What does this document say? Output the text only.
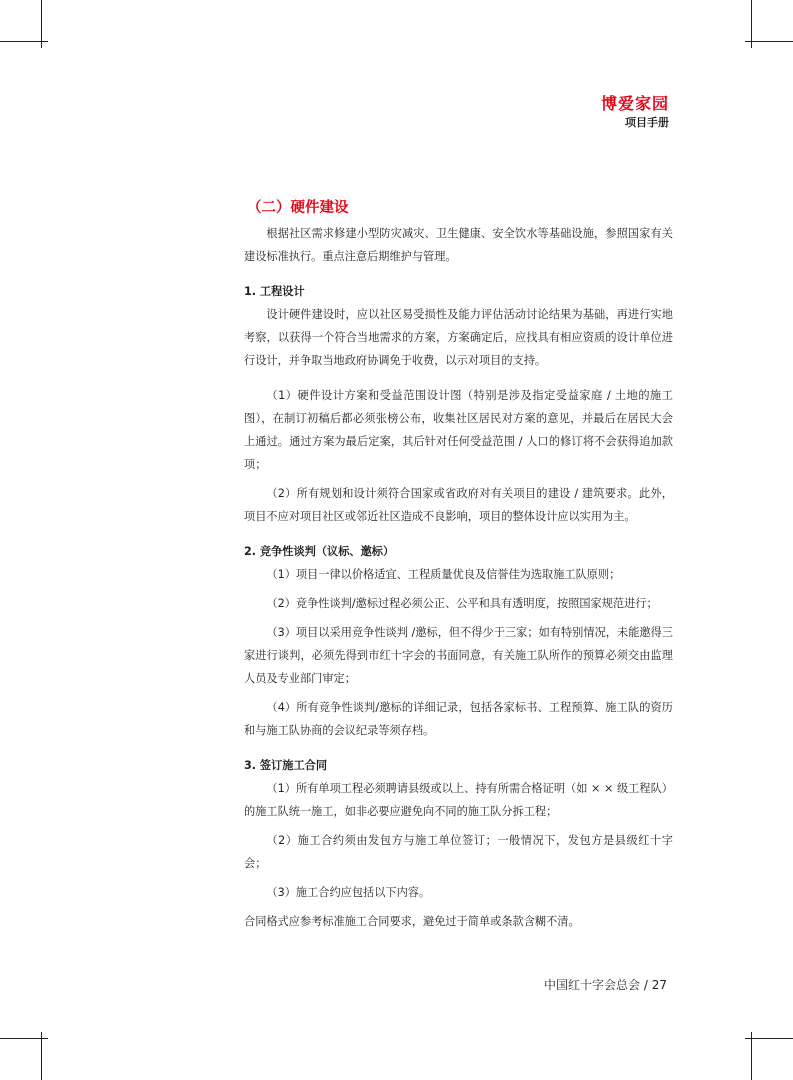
博爱家园
项目手册
（二）硬件建设

根据社区需求修建小型防灾减灾、卫生健康、安全饮水等基础设施，参照国家有关建设标准执行。重点注意后期维护与管理。

1. 工程设计

设计硬件建设时，应以社区易受损性及能力评估活动讨论结果为基础，再进行实地考察，以获得一个符合当地需求的方案，方案确定后，应找具有相应资质的设计单位进行设计，并争取当地政府协调免于收费，以示对项目的支持。

（1）硬件设计方案和受益范围设计图（特别是涉及指定受益家庭 / 土地的施工图），在制订初稿后都必须张榜公布，收集社区居民对方案的意见，并最后在居民大会上通过。通过方案为最后定案，其后针对任何受益范围 / 人口的修订将不会获得追加款项；

（2）所有规划和设计须符合国家或省政府对有关项目的建设 / 建筑要求。此外，项目不应对项目社区或邻近社区造成不良影响，项目的整体设计应以实用为主。

2. 竞争性谈判（议标、邀标）

（1）项目一律以价格适宜、工程质量优良及信誉佳为选取施工队原则；

（2）竞争性谈判/邀标过程必须公正、公平和具有透明度，按照国家规范进行；

（3）项目以采用竞争性谈判 /邀标，但不得少于三家；如有特别情况，未能邀得三家进行谈判，必须先得到市红十字会的书面同意，有关施工队所作的预算必须交由监理人员及专业部门审定；

（4）所有竞争性谈判/邀标的详细记录，包括各家标书、工程预算、施工队的资历和与施工队协商的会议纪录等须存档。

3. 签订施工合同

（1）所有单项工程必须聘请县级或以上、持有所需合格证明（如 × × 级工程队）的施工队统一施工，如非必要应避免向不同的施工队分拆工程；

（2）施工合约须由发包方与施工单位签订；一般情况下，发包方是县级红十字会；

（3）施工合约应包括以下内容。

合同格式应参考标准施工合同要求，避免过于简单或条款含糊不清。

中国红十字会总会 / 27
